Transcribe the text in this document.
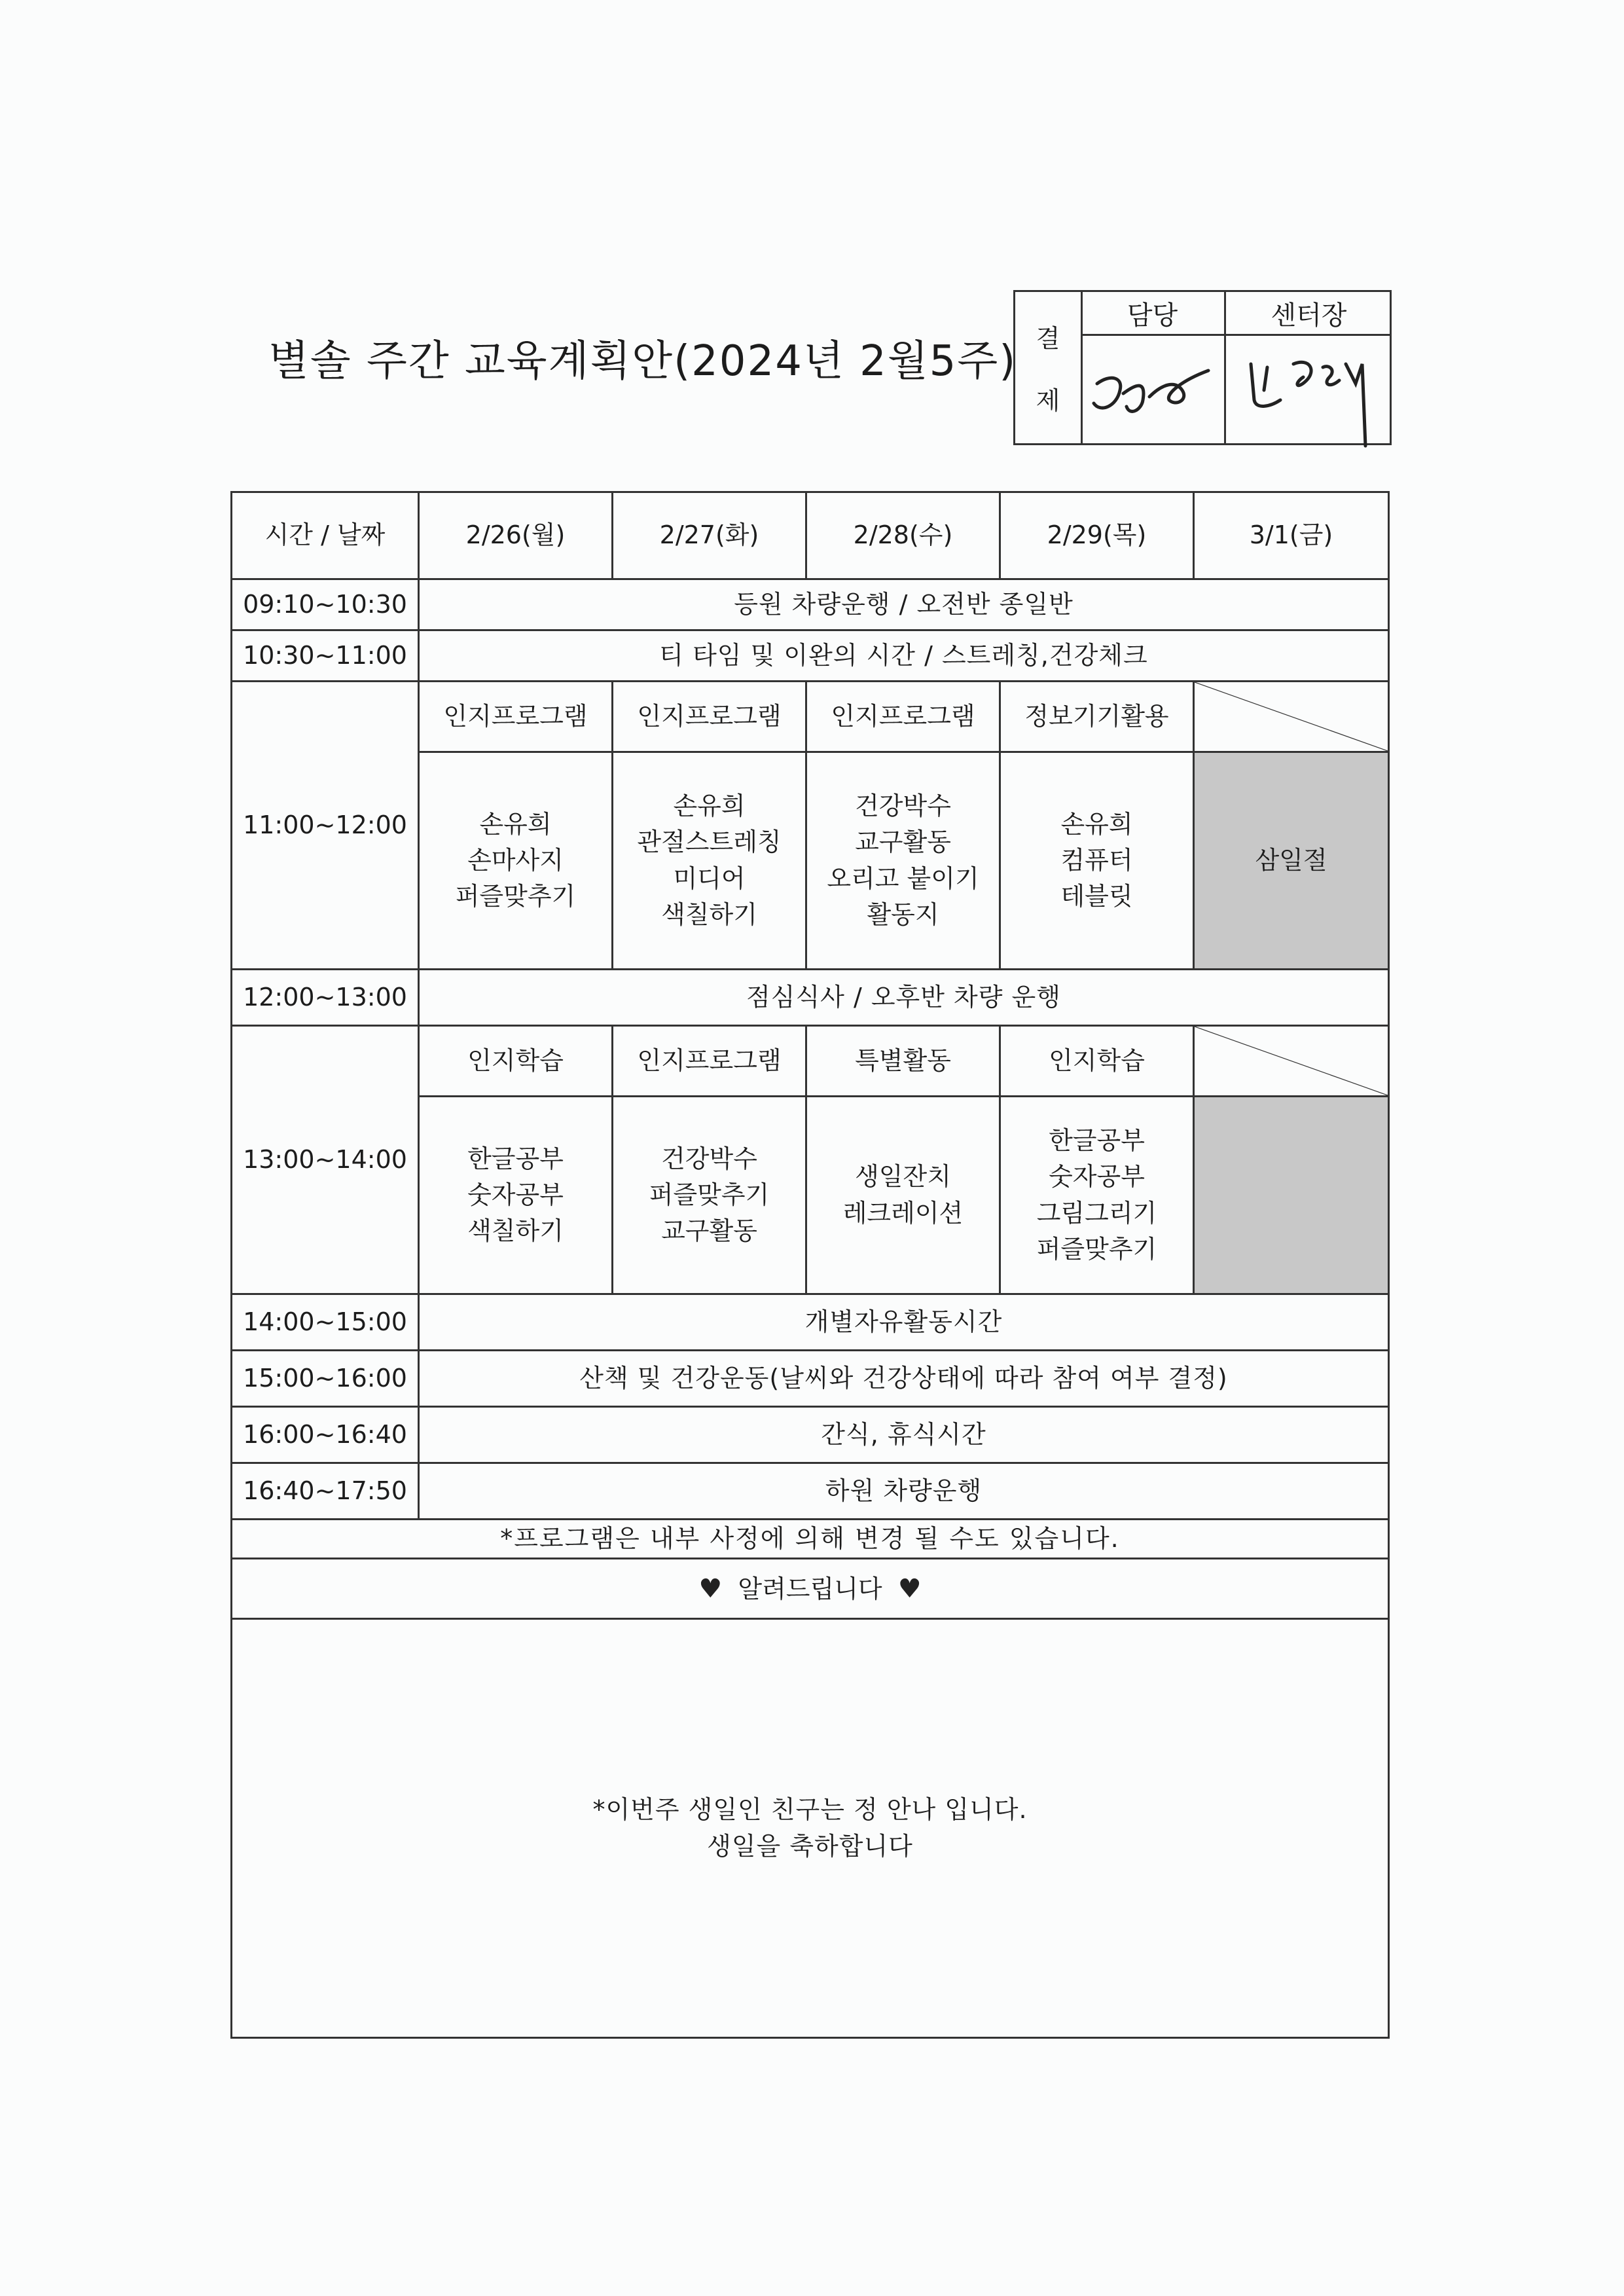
별솔 주간 교육계획안(2024년 2월5주) 결
제
담당	센터장
시간 / 날짜	2/26(월)	2/27(화)	2/28(수)	2/29(목)	3/1(금)
09:10~10:30	등원 차량운행 / 오전반 종일반				
10:30~11:00	티 타임 및 이완의 시간 / 스트레칭,건강체크				
11:00~12:00	인지프로그램	인지프로그램	인지프로그램	정보기기활용	

	손유희
손마사지
퍼즐맞추기	손유희
관절스트레칭
미디어
색칠하기	건강박수
교구활동
오리고 붙이기
활동지	손유희
컴퓨터
테블릿	삼일절
12:00~13:00	점심식사 / 오후반 차량 운행				
13:00~14:00	인지학습	인지프로그램	특별활동	인지학습	

	한글공부
숫자공부
색칠하기	건강박수
퍼즐맞추기
교구활동	생일잔치
레크레이션	한글공부
숫자공부
그림그리기
퍼즐맞추기	

14:00~15:00	개별자유활동시간				
15:00~16:00	산책 및 건강운동(날씨와 건강상태에 따라 참여 여부 결정)				
16:00~16:40	간식, 휴식시간				
16:40~17:50	하원 차량운행				
*프로그램은 내부 사정에 의해 변경 될 수도 있습니다.					
♥ 알려드립니다 ♥					

*이번주 생일인 친구는 정 안나 입니다.
생일을 축하합니다					
